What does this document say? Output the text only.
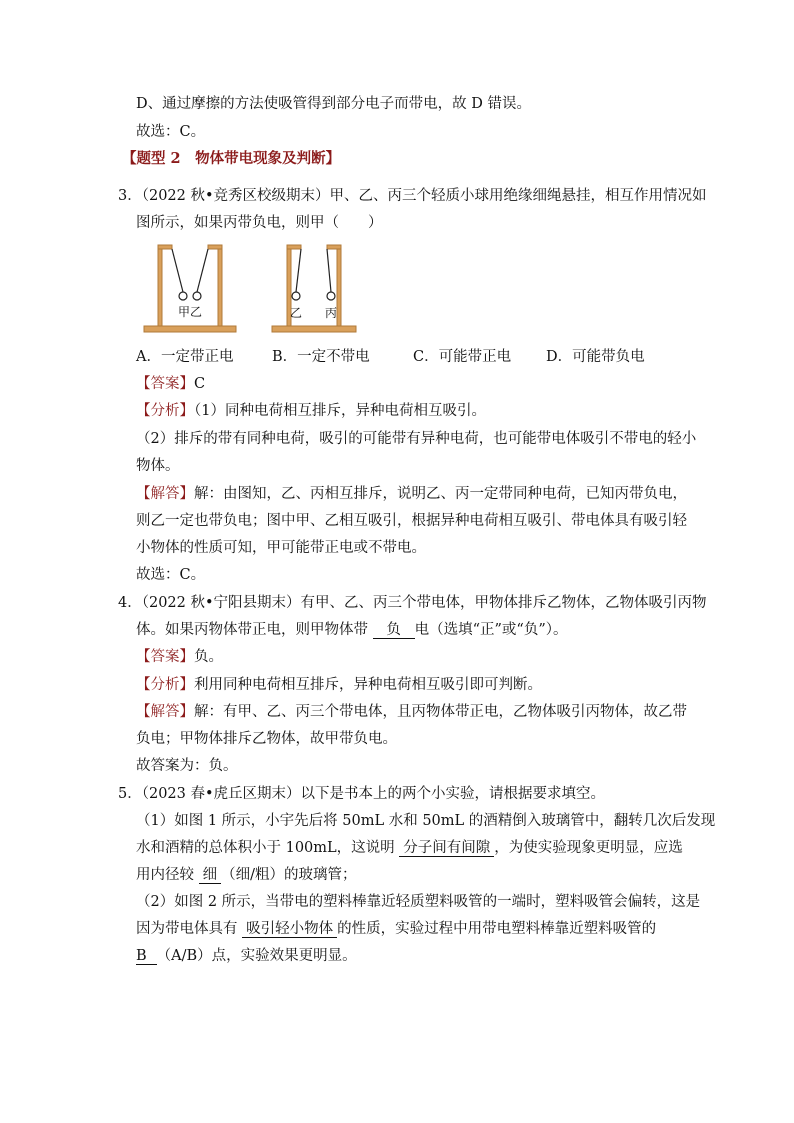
D、通过摩擦的方法使吸管得到部分电子而带电，故 D 错误。
故选：C。
【题型 2　物体带电现象及判断】
3．（2022 秋•竞秀区校级期末）甲、乙、丙三个轻质小球用绝缘细绳悬挂，相互作用情况如
图所示，如果丙带负电，则甲（　　）
甲乙	乙 丙
A．一定带正电	B．一定不带电	C．可能带正电 D．可能带负电
【答案】C
【分析】（1）同种电荷相互排斥，异种电荷相互吸引。
（2）排斥的带有同种电荷，吸引的可能带有异种电荷，也可能带电体吸引不带电的轻小
物体。
【解答】解：由图知，乙、丙相互排斥，说明乙、丙一定带同种电荷，已知丙带负电，
则乙一定也带负电；图中甲、乙相互吸引，根据异种电荷相互吸引、带电体具有吸引轻
小物体的性质可知，甲可能带正电或不带电。
故选：C。
4．（2022 秋•宁阳县期末）有甲、乙、丙三个带电体，甲物体排斥乙物体，乙物体吸引丙物
体。如果丙物体带正电，则甲物体带 负 电（选填“正”或“负”）。
【答案】负。
【分析】利用同种电荷相互排斥，异种电荷相互吸引即可判断。
【解答】解：有甲、乙、丙三个带电体，且丙物体带正电，乙物体吸引丙物体，故乙带
负电；甲物体排斥乙物体，故甲带负电。
故答案为：负。
5．（2023 春•虎丘区期末）以下是书本上的两个小实验，请根据要求填空。
（1）如图 1 所示，小宇先后将 50mL 水和 50mL 的酒精倒入玻璃管中，翻转几次后发现
水和酒精的总体积小于 100mL，这说明 分子间有间隙 ，为使实验现象更明显，应选
用内径较 细 （细/粗）的玻璃管；
（2）如图 2 所示，当带电的塑料棒靠近轻质塑料吸管的一端时，塑料吸管会偏转，这是
因为带电体具有 吸引轻小物体 的性质，实验过程中用带电塑料棒靠近塑料吸管的
B （A/B）点，实验效果更明显。
